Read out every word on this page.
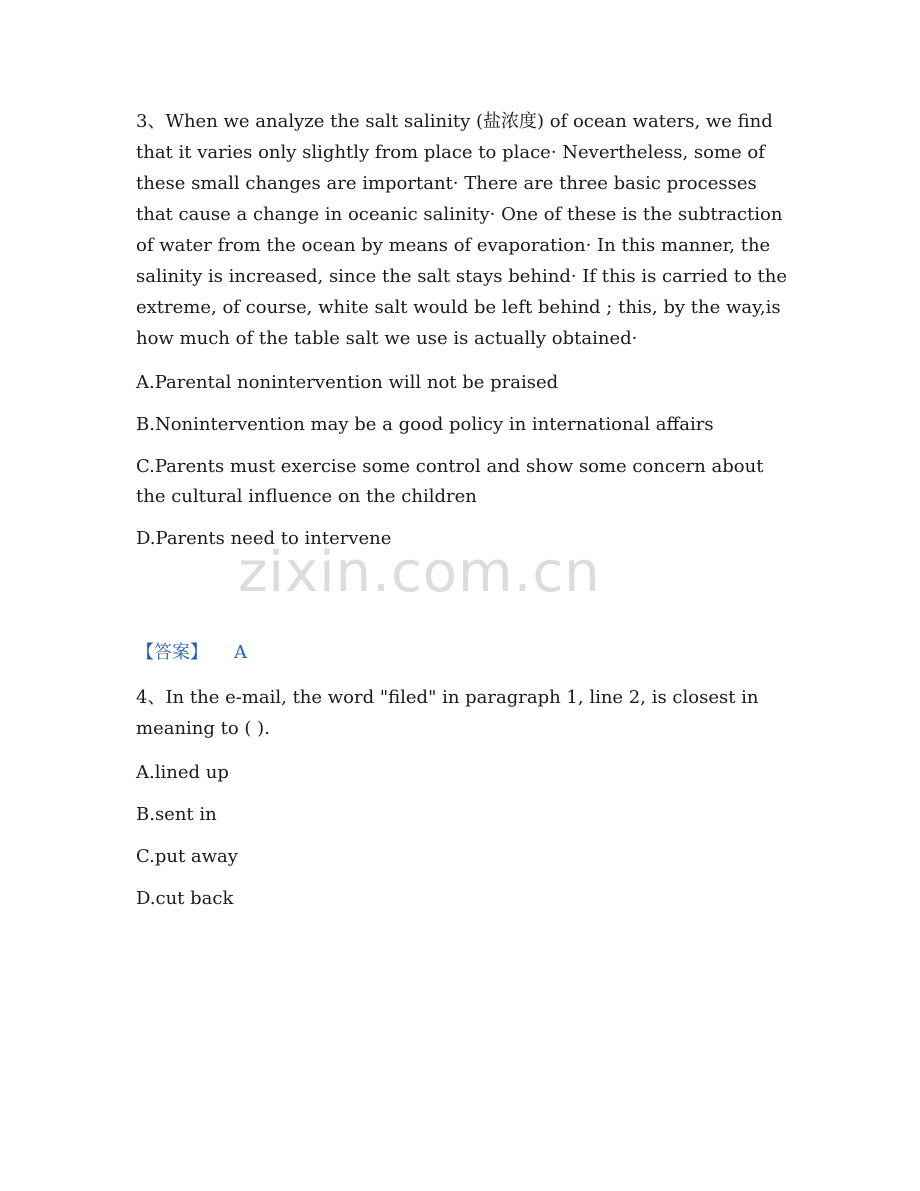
zixin.com.cn
3、When we analyze the salt salinity (盐浓度) of ocean waters, we find that it varies only slightly from place to place· Nevertheless, some of these small changes are important· There are three basic processes that cause a change in oceanic salinity· One of these is the subtraction of water from the ocean by means of evaporation· In this manner, the salinity is increased, since the salt stays behind· If this is carried to the extreme, of course, white salt would be left behind ; this, by the way,is how much of the table salt we use is actually obtained·
A.Parental nonintervention will not be praised
B.Nonintervention may be a good policy in international affairs
C.Parents must exercise some control and show some concern about the cultural influence on the children
D.Parents need to intervene
【答案】 A
4、In the e-mail, the word "filed" in paragraph 1, line 2, is closest in meaning to ( ).
A.lined up
B.sent in
C.put away
D.cut back
